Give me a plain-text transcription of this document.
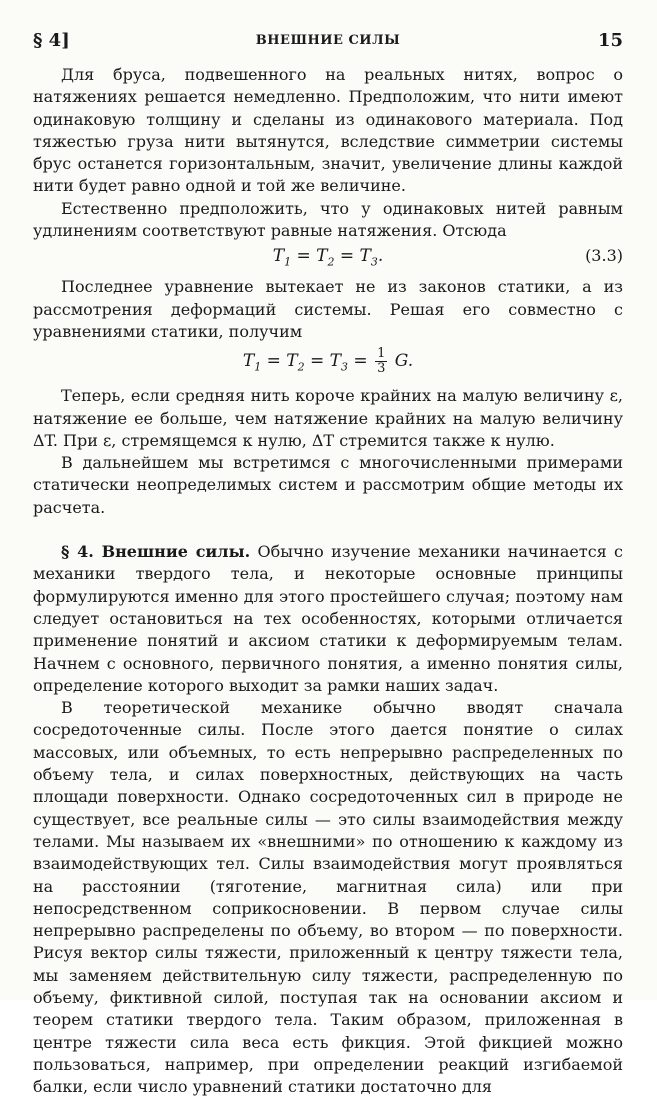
§ 4]	ВНЕШНИЕ СИЛЫ	15

Для бруса, подвешенного на реальных нитях, вопрос о натяжениях решается немедленно. Предположим, что нити имеют одинаковую толщину и сделаны из одинакового материала. Под тяжестью груза нити вытянутся, вследствие симметрии системы брус останется горизонтальным, значит, увеличение длины каждой нити будет равно одной и той же величине.

Естественно предположить, что у одинаковых нитей равным удлинениям соответствуют равные натяжения. Отсюда

$T_1 = T_2 = T_3$.	(3.3)

Последнее уравнение вытекает не из законов статики, а из рассмотрения деформаций системы. Решая его совместно с уравнениями статики, получим

$T_1 = T_2 = T_3 = \frac{1}{3} G$.

Теперь, если средняя нить короче крайних на малую величину ε, натяжение ее больше, чем натяжение крайних на малую величину ΔT. При ε, стремящемся к нулю, ΔT стремится также к нулю.

В дальнейшем мы встретимся с многочисленными примерами статически неопределимых систем и рассмотрим общие методы их расчета.

§ 4. Внешние силы. Обычно изучение механики начинается с механики твердого тела, и некоторые основные принципы формулируются именно для этого простейшего случая; поэтому нам следует остановиться на тех особенностях, которыми отличается применение понятий и аксиом статики к деформируемым телам. Начнем с основного, первичного понятия, а именно понятия силы, определение которого выходит за рамки наших задач.

В теоретической механике обычно вводят сначала сосредоточенные силы. После этого дается понятие о силах массовых, или объемных, то есть непрерывно распределенных по объему тела, и силах поверхностных, действующих на часть площади поверхности. Однако сосредоточенных сил в природе не существует, все реальные силы — это силы взаимодействия между телами. Мы называем их «внешними» по отношению к каждому из взаимодействующих тел. Силы взаимодействия могут проявляться на расстоянии (тяготение, магнитная сила) или при непосредственном соприкосновении. В первом случае силы непрерывно распределены по объему, во втором — по поверхности. Рисуя вектор силы тяжести, приложенный к центру тяжести тела, мы заменяем действительную силу тяжести, распределенную по объему, фиктивной силой, поступая так на основании аксиом и теорем статики твердого тела. Таким образом, приложенная в центре тяжести сила веса есть фикция. Этой фикцией можно пользоваться, например, при определении реакций изгибаемой балки, если число уравнений статики достаточно для
